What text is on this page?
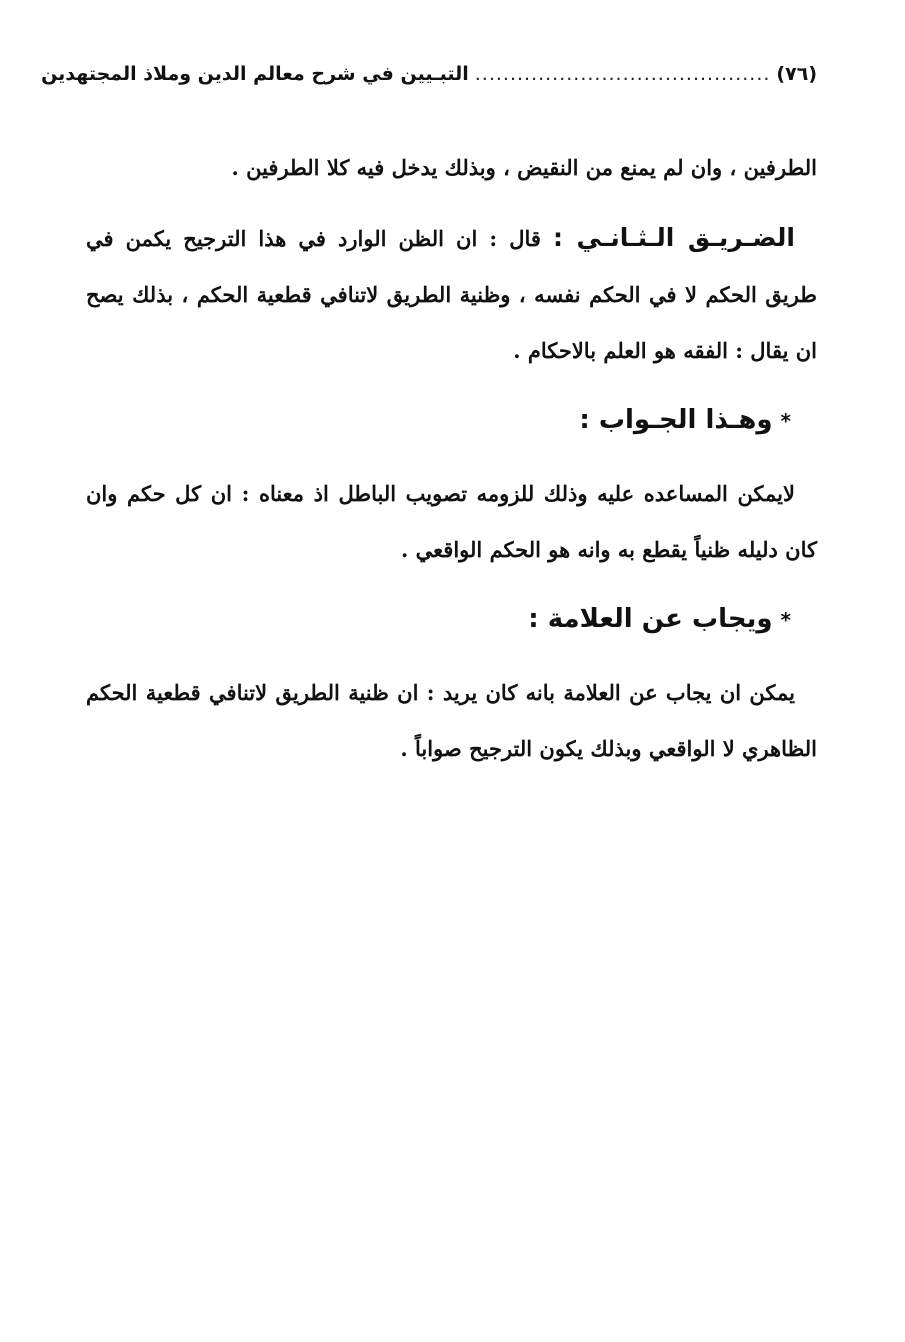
(٧٦)
..........................................
التبـيين في شرح معالم الدين وملاذ المجتهدين

الطرفين ، وان لم يمنع من النقيض ، وبذلك يدخل فيه كلا الطرفين .

الضـريـق الـثـانـي : قال : ان الظن الوارد في هذا الترجيح يكمن في طريق الحكم لا في الحكم نفسه ، وظنية الطريق لاتنافي قطعية الحكم ، بذلك يصح ان يقال : الفقه هو العلم بالاحكام .

*وهـذا الجـواب :

لايمكن المساعده عليه وذلك للزومه تصويب الباطل اذ معناه : ان كل حكم وان كان دليله ظنياً يقطع به وانه هو الحكم الواقعي .

*ويجاب عن العلامة :

يمكن ان يجاب عن العلامة بانه كان يريد : ان ظنية الطريق لاتنافي قطعية الحكم الظاهري لا الواقعي وبذلك يكون الترجيح صواباً .
